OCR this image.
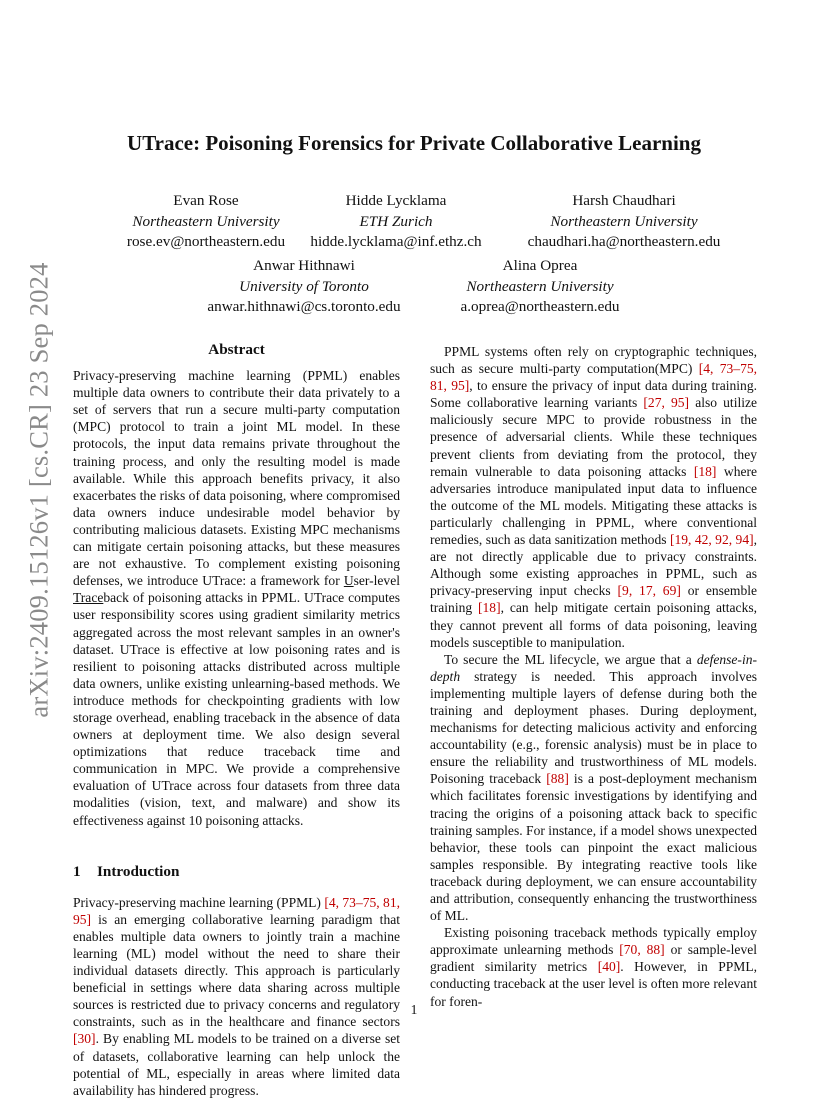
arXiv:2409.15126v1 [cs.CR] 23 Sep 2024
UTrace: Poisoning Forensics for Private Collaborative Learning
Evan Rose
Northeastern University
rose.ev@northeastern.edu
Hidde Lycklama
ETH Zurich
hidde.lycklama@inf.ethz.ch
Harsh Chaudhari
Northeastern University
chaudhari.ha@northeastern.edu
Anwar Hithnawi
University of Toronto
anwar.hithnawi@cs.toronto.edu
Alina Oprea
Northeastern University
a.oprea@northeastern.edu
Abstract

Privacy-preserving machine learning (PPML) enables multiple data owners to contribute their data privately to a set of servers that run a secure multi-party computation (MPC) protocol to train a joint ML model. In these protocols, the input data remains private throughout the training process, and only the resulting model is made available. While this approach benefits privacy, it also exacerbates the risks of data poisoning, where compromised data owners induce undesirable model behavior by contributing malicious datasets. Existing MPC mechanisms can mitigate certain poisoning attacks, but these measures are not exhaustive. To complement existing poisoning defenses, we introduce UTrace: a framework for User-level Traceback of poisoning attacks in PPML. UTrace computes user responsibility scores using gradient similarity metrics aggregated across the most relevant samples in an owner's dataset. UTrace is effective at low poisoning rates and is resilient to poisoning attacks distributed across multiple data owners, unlike existing unlearning-based methods. We introduce methods for checkpointing gradients with low storage overhead, enabling traceback in the absence of data owners at deployment time. We also design several optimizations that reduce traceback time and communication in MPC. We provide a comprehensive evaluation of UTrace across four datasets from three data modalities (vision, text, and malware) and show its effectiveness against 10 poisoning attacks.

1 Introduction

Privacy-preserving machine learning (PPML) [4, 73–75, 81, 95] is an emerging collaborative learning paradigm that enables multiple data owners to jointly train a machine learning (ML) model without the need to share their individual datasets directly. This approach is particularly beneficial in settings where data sharing across multiple sources is restricted due to privacy concerns and regulatory constraints, such as in the healthcare and finance sectors [30]. By enabling ML models to be trained on a diverse set of datasets, collaborative learning can help unlock the potential of ML, especially in areas where limited data availability has hindered progress.

PPML systems often rely on cryptographic techniques, such as secure multi-party computation(MPC) [4, 73–75, 81, 95], to ensure the privacy of input data during training. Some collaborative learning variants [27, 95] also utilize maliciously secure MPC to provide robustness in the presence of adversarial clients. While these techniques prevent clients from deviating from the protocol, they remain vulnerable to data poisoning attacks [18] where adversaries introduce manipulated input data to influence the outcome of the ML models. Mitigating these attacks is particularly challenging in PPML, where conventional remedies, such as data sanitization methods [19, 42, 92, 94], are not directly applicable due to privacy constraints. Although some existing approaches in PPML, such as privacy-preserving input checks [9, 17, 69] or ensemble training [18], can help mitigate certain poisoning attacks, they cannot prevent all forms of data poisoning, leaving models susceptible to manipulation.

To secure the ML lifecycle, we argue that a defense-in-depth strategy is needed. This approach involves implementing multiple layers of defense during both the training and deployment phases. During deployment, mechanisms for detecting malicious activity and enforcing accountability (e.g., forensic analysis) must be in place to ensure the reliability and trustworthiness of ML models. Poisoning traceback [88] is a post-deployment mechanism which facilitates forensic investigations by identifying and tracing the origins of a poisoning attack back to specific training samples. For instance, if a model shows unexpected behavior, these tools can pinpoint the exact malicious samples responsible. By integrating reactive tools like traceback during deployment, we can ensure accountability and attribution, consequently enhancing the trustworthiness of ML.

Existing poisoning traceback methods typically employ approximate unlearning methods [70, 88] or sample-level gradient similarity metrics [40]. However, in PPML, conducting traceback at the user level is often more relevant for foren-

1
